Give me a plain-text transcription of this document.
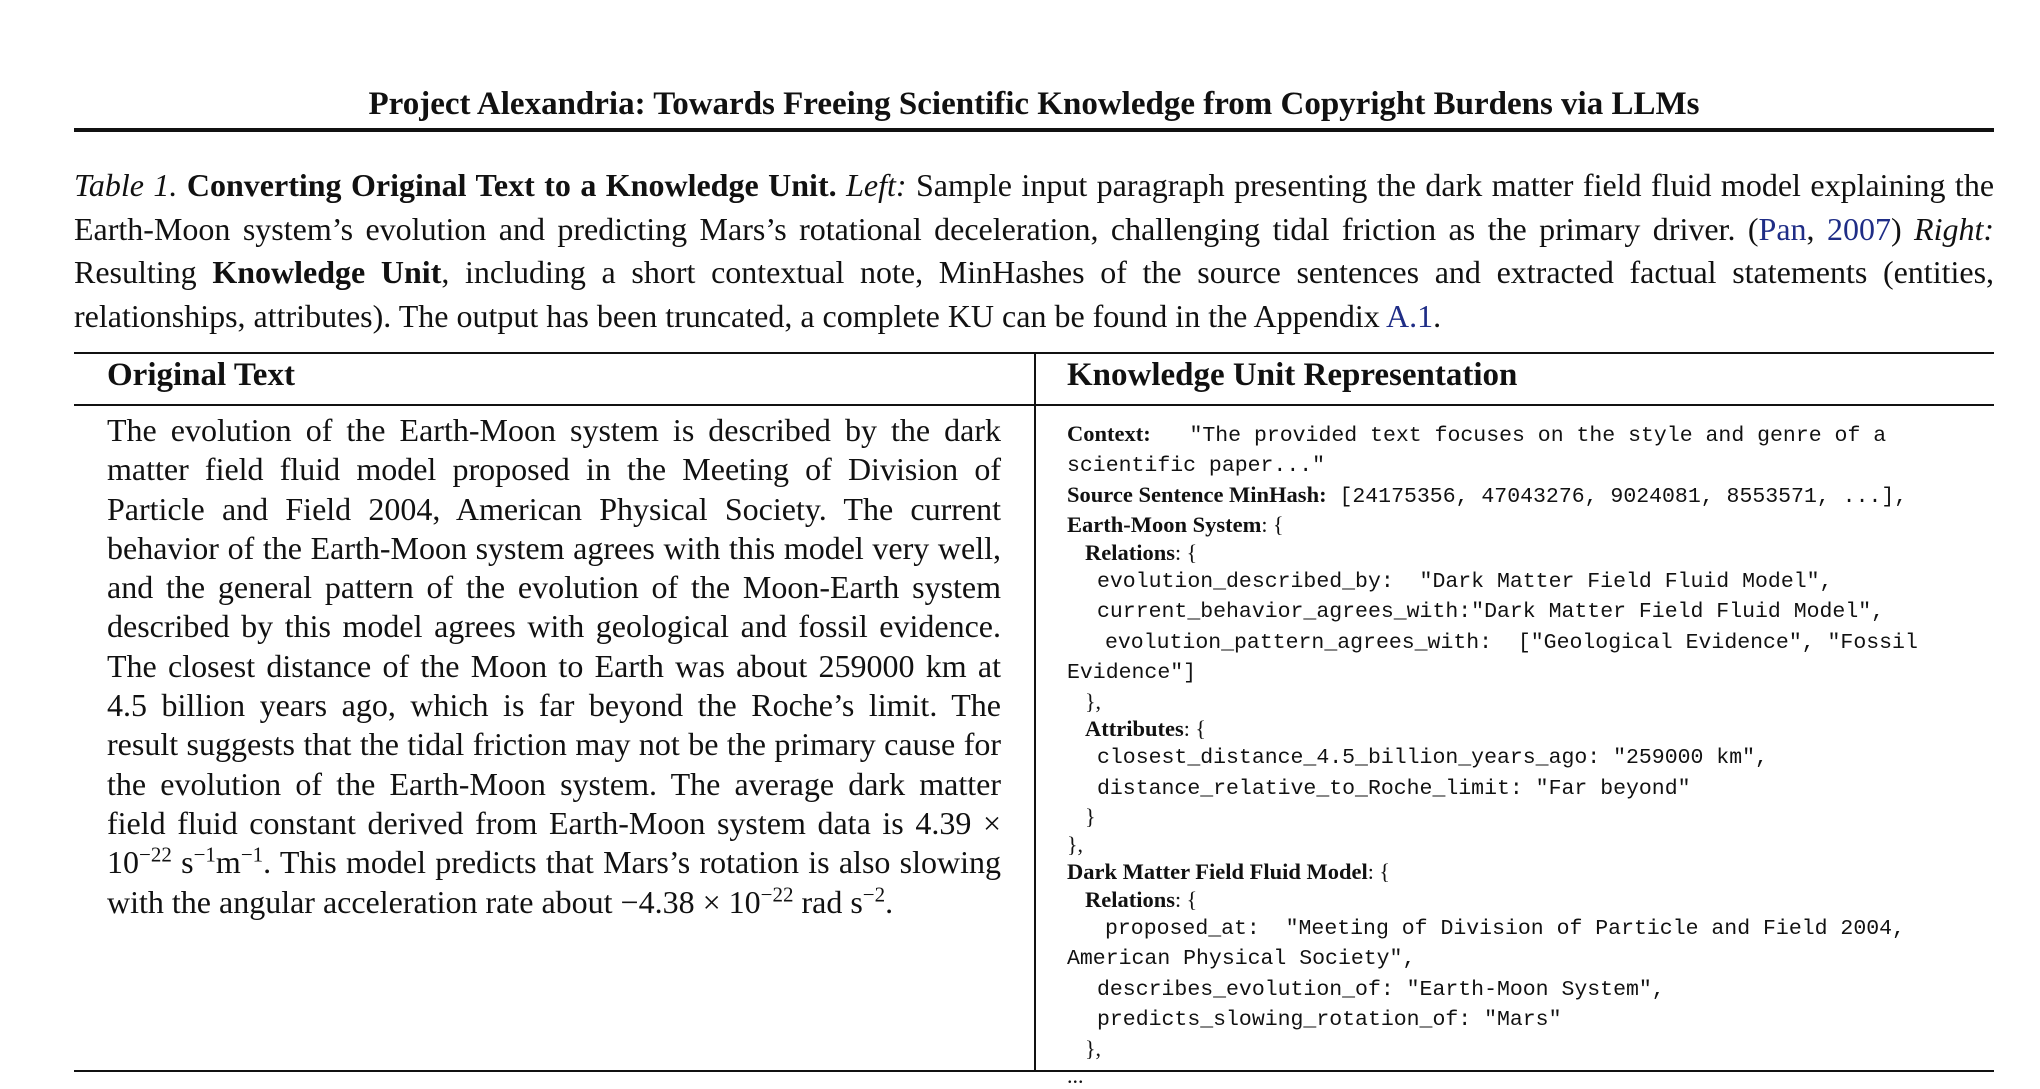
Project Alexandria: Towards Freeing Scientific Knowledge from Copyright Burdens via LLMs
Table 1. Converting Original Text to a Knowledge Unit. Left: Sample input paragraph presenting the dark matter field fluid model explaining the Earth-Moon system’s evolution and predicting Mars’s rotational deceleration, challenging tidal friction as the primary driver. (Pan, 2007) Right: Resulting Knowledge Unit, including a short contextual note, MinHashes of the source sentences and extracted factual statements (entities, relationships, attributes). The output has been truncated, a complete KU can be found in the Appendix A.1.
Original Text	Knowledge Unit Representation
The evolution of the Earth-Moon system is described by the dark matter field fluid model proposed in the Meeting of Division of Particle and Field 2004, American Physical Society. The current behavior of the Earth-Moon system agrees with this model very well, and the general pattern of the evolution of the Moon-Earth system described by this model agrees with geological and fossil evidence. The closest distance of the Moon to Earth was about 259000 km at 4.5 billion years ago, which is far beyond the Roche’s limit. The result suggests that the tidal friction may not be the primary cause for the evolution of the Earth-Moon system. The average dark matter field fluid constant derived from Earth-Moon system data is $4.39 \times 10^{-22}$ $s^{-1}m^{-1}$. This model predicts that Mars’s rotation is also slowing with the angular acceleration rate about $-4.38 \times 10^{-22}$ rad $s^{-2}$.
Context:   "The provided text focuses on the style and genre of a
scientific paper..."
Source Sentence MinHash: [24175356, 47043276, 9024081, 8553571, ...],
Earth-Moon System: {
Relations: {
evolution_described_by:  "Dark Matter Field Fluid Model",
current_behavior_agrees_with:"Dark Matter Field Fluid Model",
evolution_pattern_agrees_with:  ["Geological Evidence", "Fossil
Evidence"]
},
Attributes: {
closest_distance_4.5_billion_years_ago: "259000 km",
distance_relative_to_Roche_limit: "Far beyond"
}
},
Dark Matter Field Fluid Model: {
Relations: {
proposed_at:  "Meeting of Division of Particle and Field 2004,
American Physical Society",
describes_evolution_of: "Earth-Moon System",
predicts_slowing_rotation_of: "Mars"
},
...
